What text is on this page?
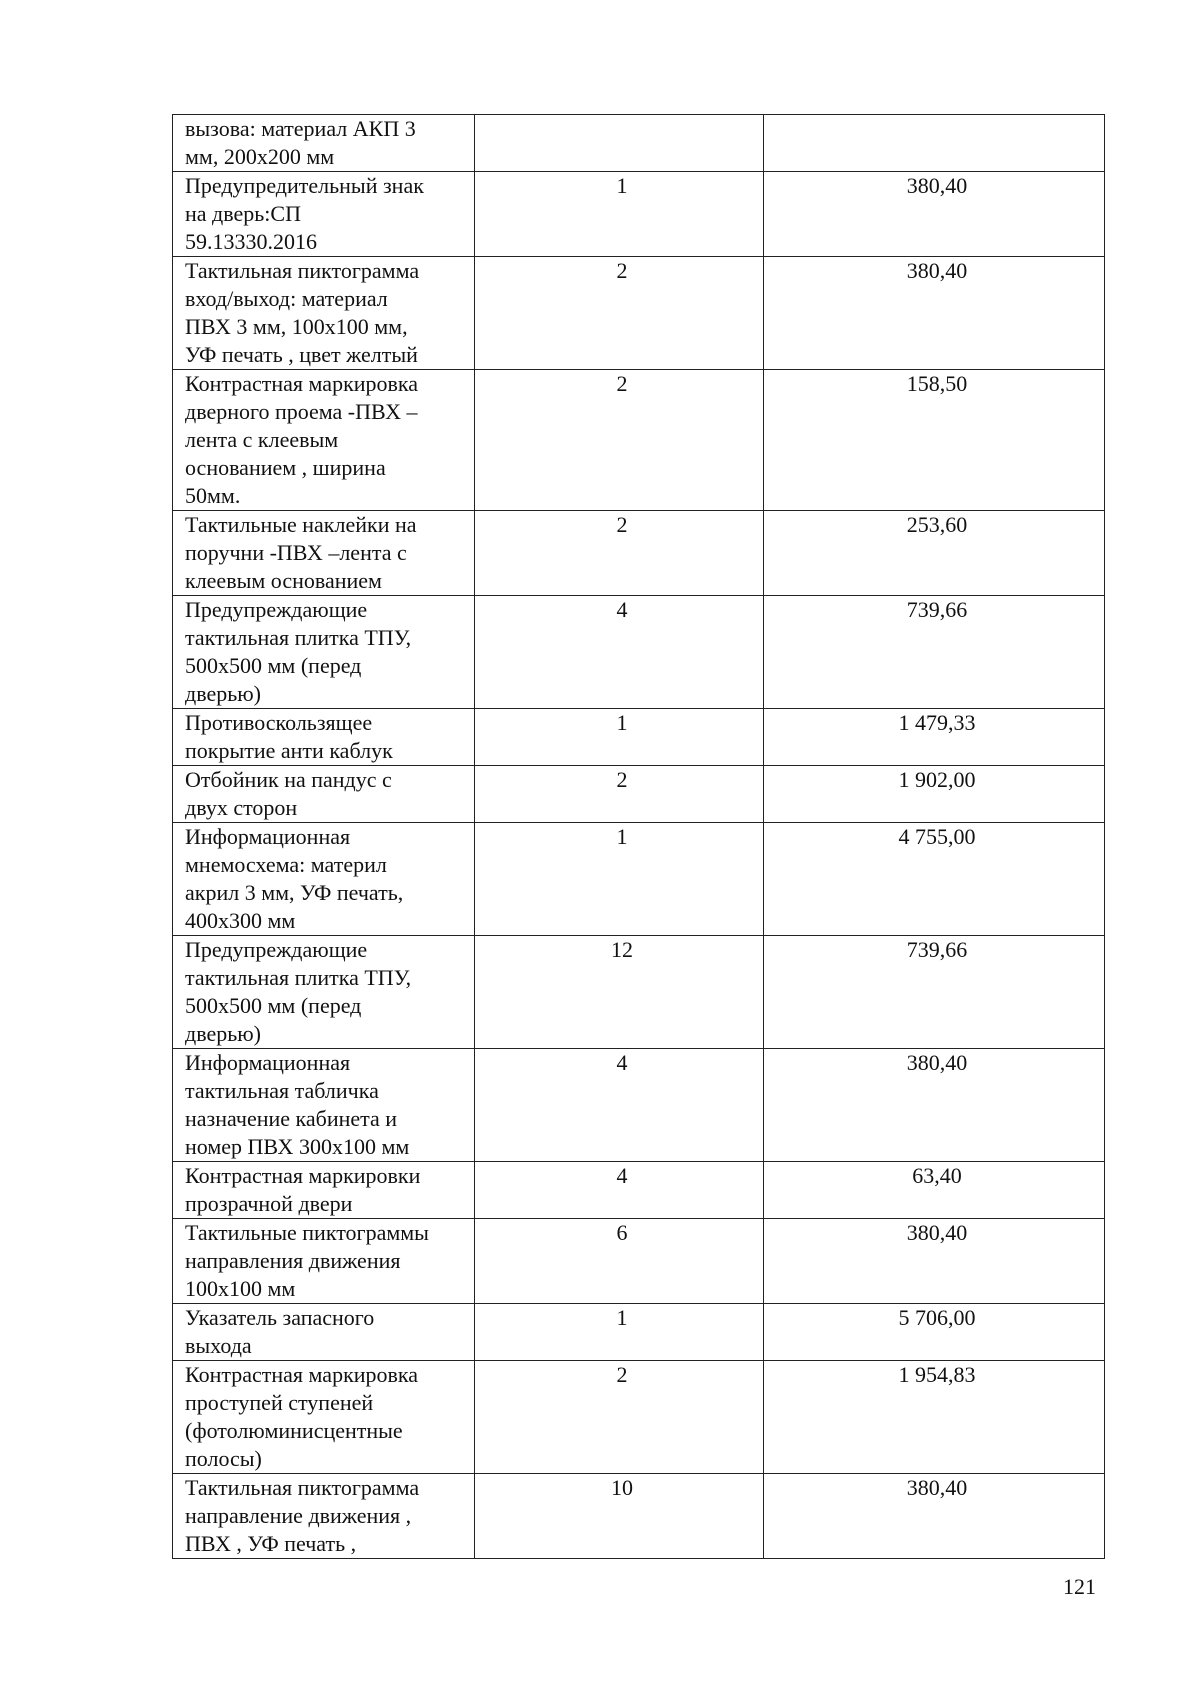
вызова: материал АКП 3
мм, 200х200 мм		
Предупредительный знак
на дверь:СП
59.13330.2016	1	380,40
Тактильная пиктограмма
вход/выход: материал
ПВХ 3 мм, 100х100 мм,
УФ печать , цвет желтый	2	380,40
Контрастная маркировка
дверного проема -ПВХ –
лента с клеевым
основанием , ширина
50мм.	2	158,50
Тактильные наклейки на
поручни -ПВХ –лента с
клеевым основанием	2	253,60
Предупреждающие
тактильная плитка ТПУ,
500х500 мм (перед
дверью)	4	739,66
Противоскользящее
покрытие анти каблук	1	1 479,33
Отбойник на пандус с
двух сторон	2	1 902,00
Информационная
мнемосхема: материл
акрил 3 мм, УФ печать,
400х300 мм	1	4 755,00
Предупреждающие
тактильная плитка ТПУ,
500х500 мм (перед
дверью)	12	739,66
Информационная
тактильная табличка
назначение кабинета и
номер ПВХ 300х100 мм	4	380,40
Контрастная маркировки
прозрачной двери	4	63,40
Тактильные пиктограммы
направления движения
100х100 мм	6	380,40
Указатель запасного
выхода	1	5 706,00
Контрастная маркировка
проступей ступеней
(фотолюминисцентные
полосы)	2	1 954,83
Тактильная пиктограмма
направление движения ,
ПВХ , УФ печать ,	10	380,40
121
